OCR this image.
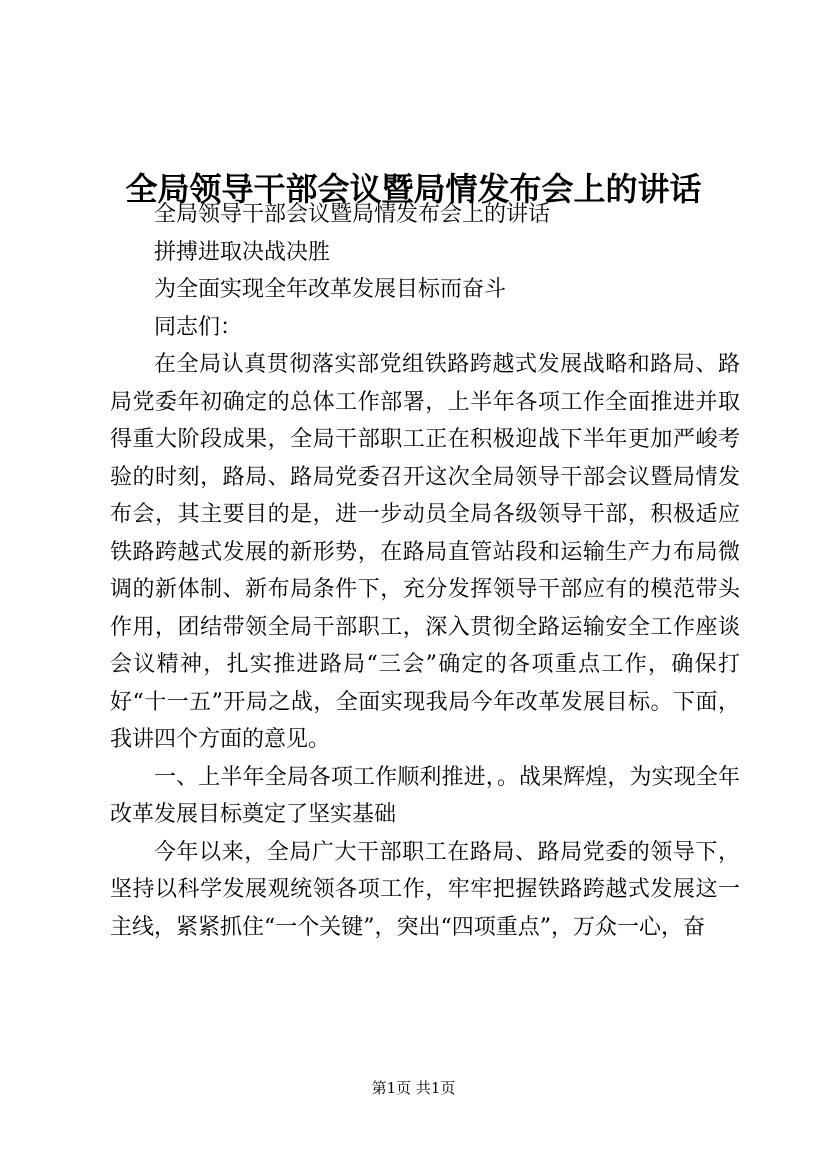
全局领导干部会议暨局情发布会上的讲话

全局领导干部会议暨局情发布会上的讲话

拼搏进取决战决胜

为全面实现全年改革发展目标而奋斗

同志们：

在全局认真贯彻落实部党组铁路跨越式发展战略和路局、路局党委年初确定的总体工作部署，上半年各项工作全面推进并取得重大阶段成果，全局干部职工正在积极迎战下半年更加严峻考验的时刻，路局、路局党委召开这次全局领导干部会议暨局情发布会，其主要目的是，进一步动员全局各级领导干部，积极适应铁路跨越式发展的新形势，在路局直管站段和运输生产力布局微调的新体制、新布局条件下，充分发挥领导干部应有的模范带头作用，团结带领全局干部职工，深入贯彻全路运输安全工作座谈会议精神，扎实推进路局“三会”确定的各项重点工作，确保打好“十一五”开局之战，全面实现我局今年改革发展目标。下面，我讲四个方面的意见。

一、上半年全局各项工作顺利推进，。战果辉煌，为实现全年改革发展目标奠定了坚实基础

今年以来，全局广大干部职工在路局、路局党委的领导下，坚持以科学发展观统领各项工作，牢牢把握铁路跨越式发展这一主线，紧紧抓住“一个关键”，突出“四项重点”，万众一心，奋

第1页 共1页
